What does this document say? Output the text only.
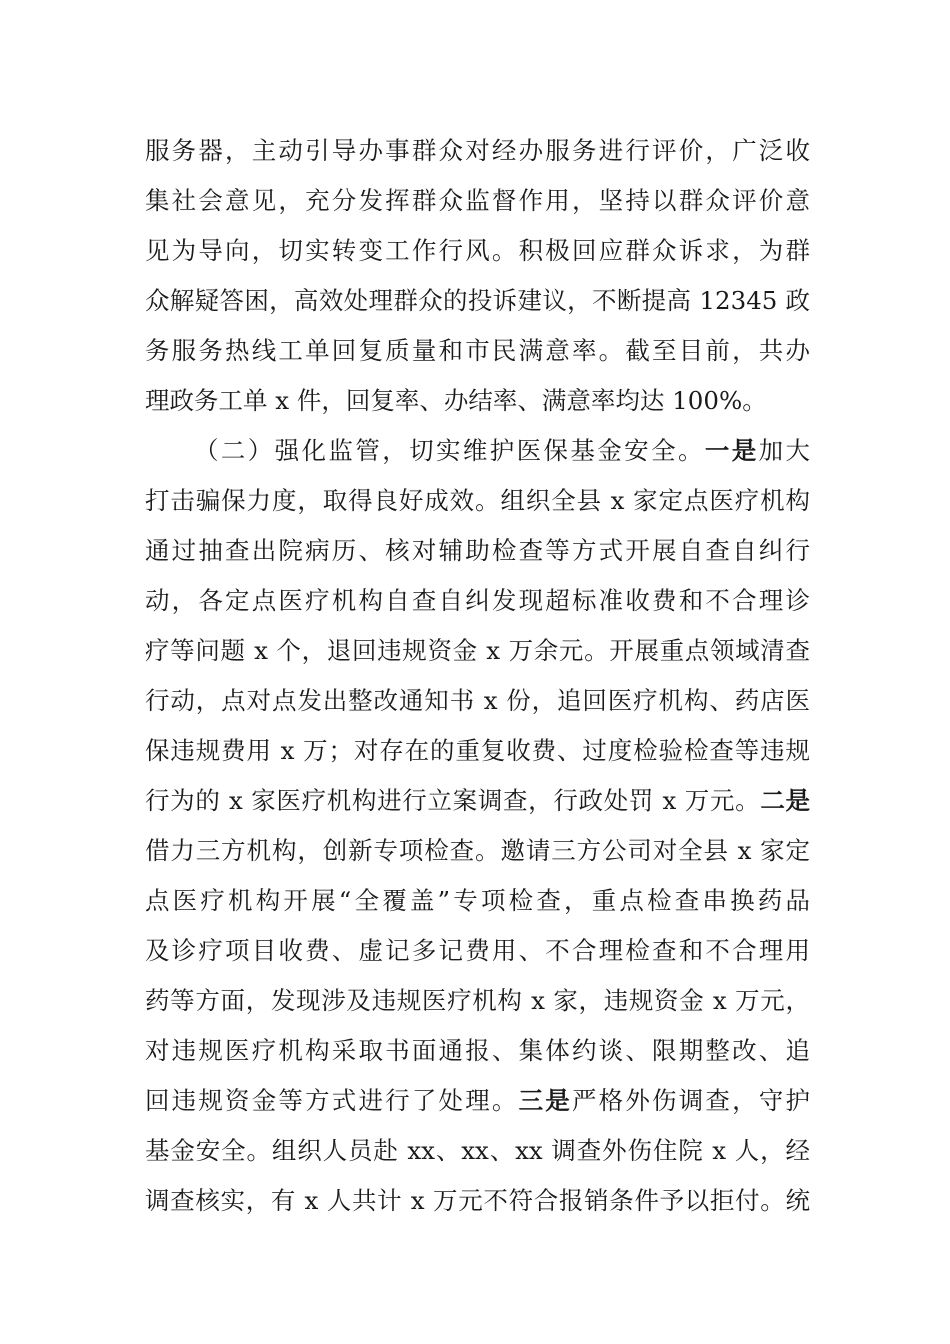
服务器，主动引导办事群众对经办服务进行评价，广泛收
集社会意见，充分发挥群众监督作用，坚持以群众评价意
见为导向，切实转变工作行风。积极回应群众诉求，为群
众解疑答困，高效处理群众的投诉建议，不断提高 12345 政
务服务热线工单回复质量和市民满意率。截至目前，共办
理政务工单 x 件，回复率、办结率、满意率均达 100%。
（二）强化监管，切实维护医保基金安全。一是加大
打击骗保力度，取得良好成效。组织全县 x 家定点医疗机构
通过抽查出院病历、核对辅助检查等方式开展自查自纠行
动，各定点医疗机构自查自纠发现超标准收费和不合理诊
疗等问题 x 个，退回违规资金 x 万余元。开展重点领域清查
行动，点对点发出整改通知书 x 份，追回医疗机构、药店医
保违规费用 x 万；对存在的重复收费、过度检验检查等违规
行为的 x 家医疗机构进行立案调查，行政处罚 x 万元。二是
借力三方机构，创新专项检查。邀请三方公司对全县 x 家定
点医疗机构开展“全覆盖”专项检查，重点检查串换药品
及诊疗项目收费、虚记多记费用、不合理检查和不合理用
药等方面，发现涉及违规医疗机构 x 家，违规资金 x 万元，
对违规医疗机构采取书面通报、集体约谈、限期整改、追
回违规资金等方式进行了处理。三是严格外伤调查，守护
基金安全。组织人员赴 xx、xx、xx 调查外伤住院 x 人，经
调查核实，有 x 人共计 x 万元不符合报销条件予以拒付。统
